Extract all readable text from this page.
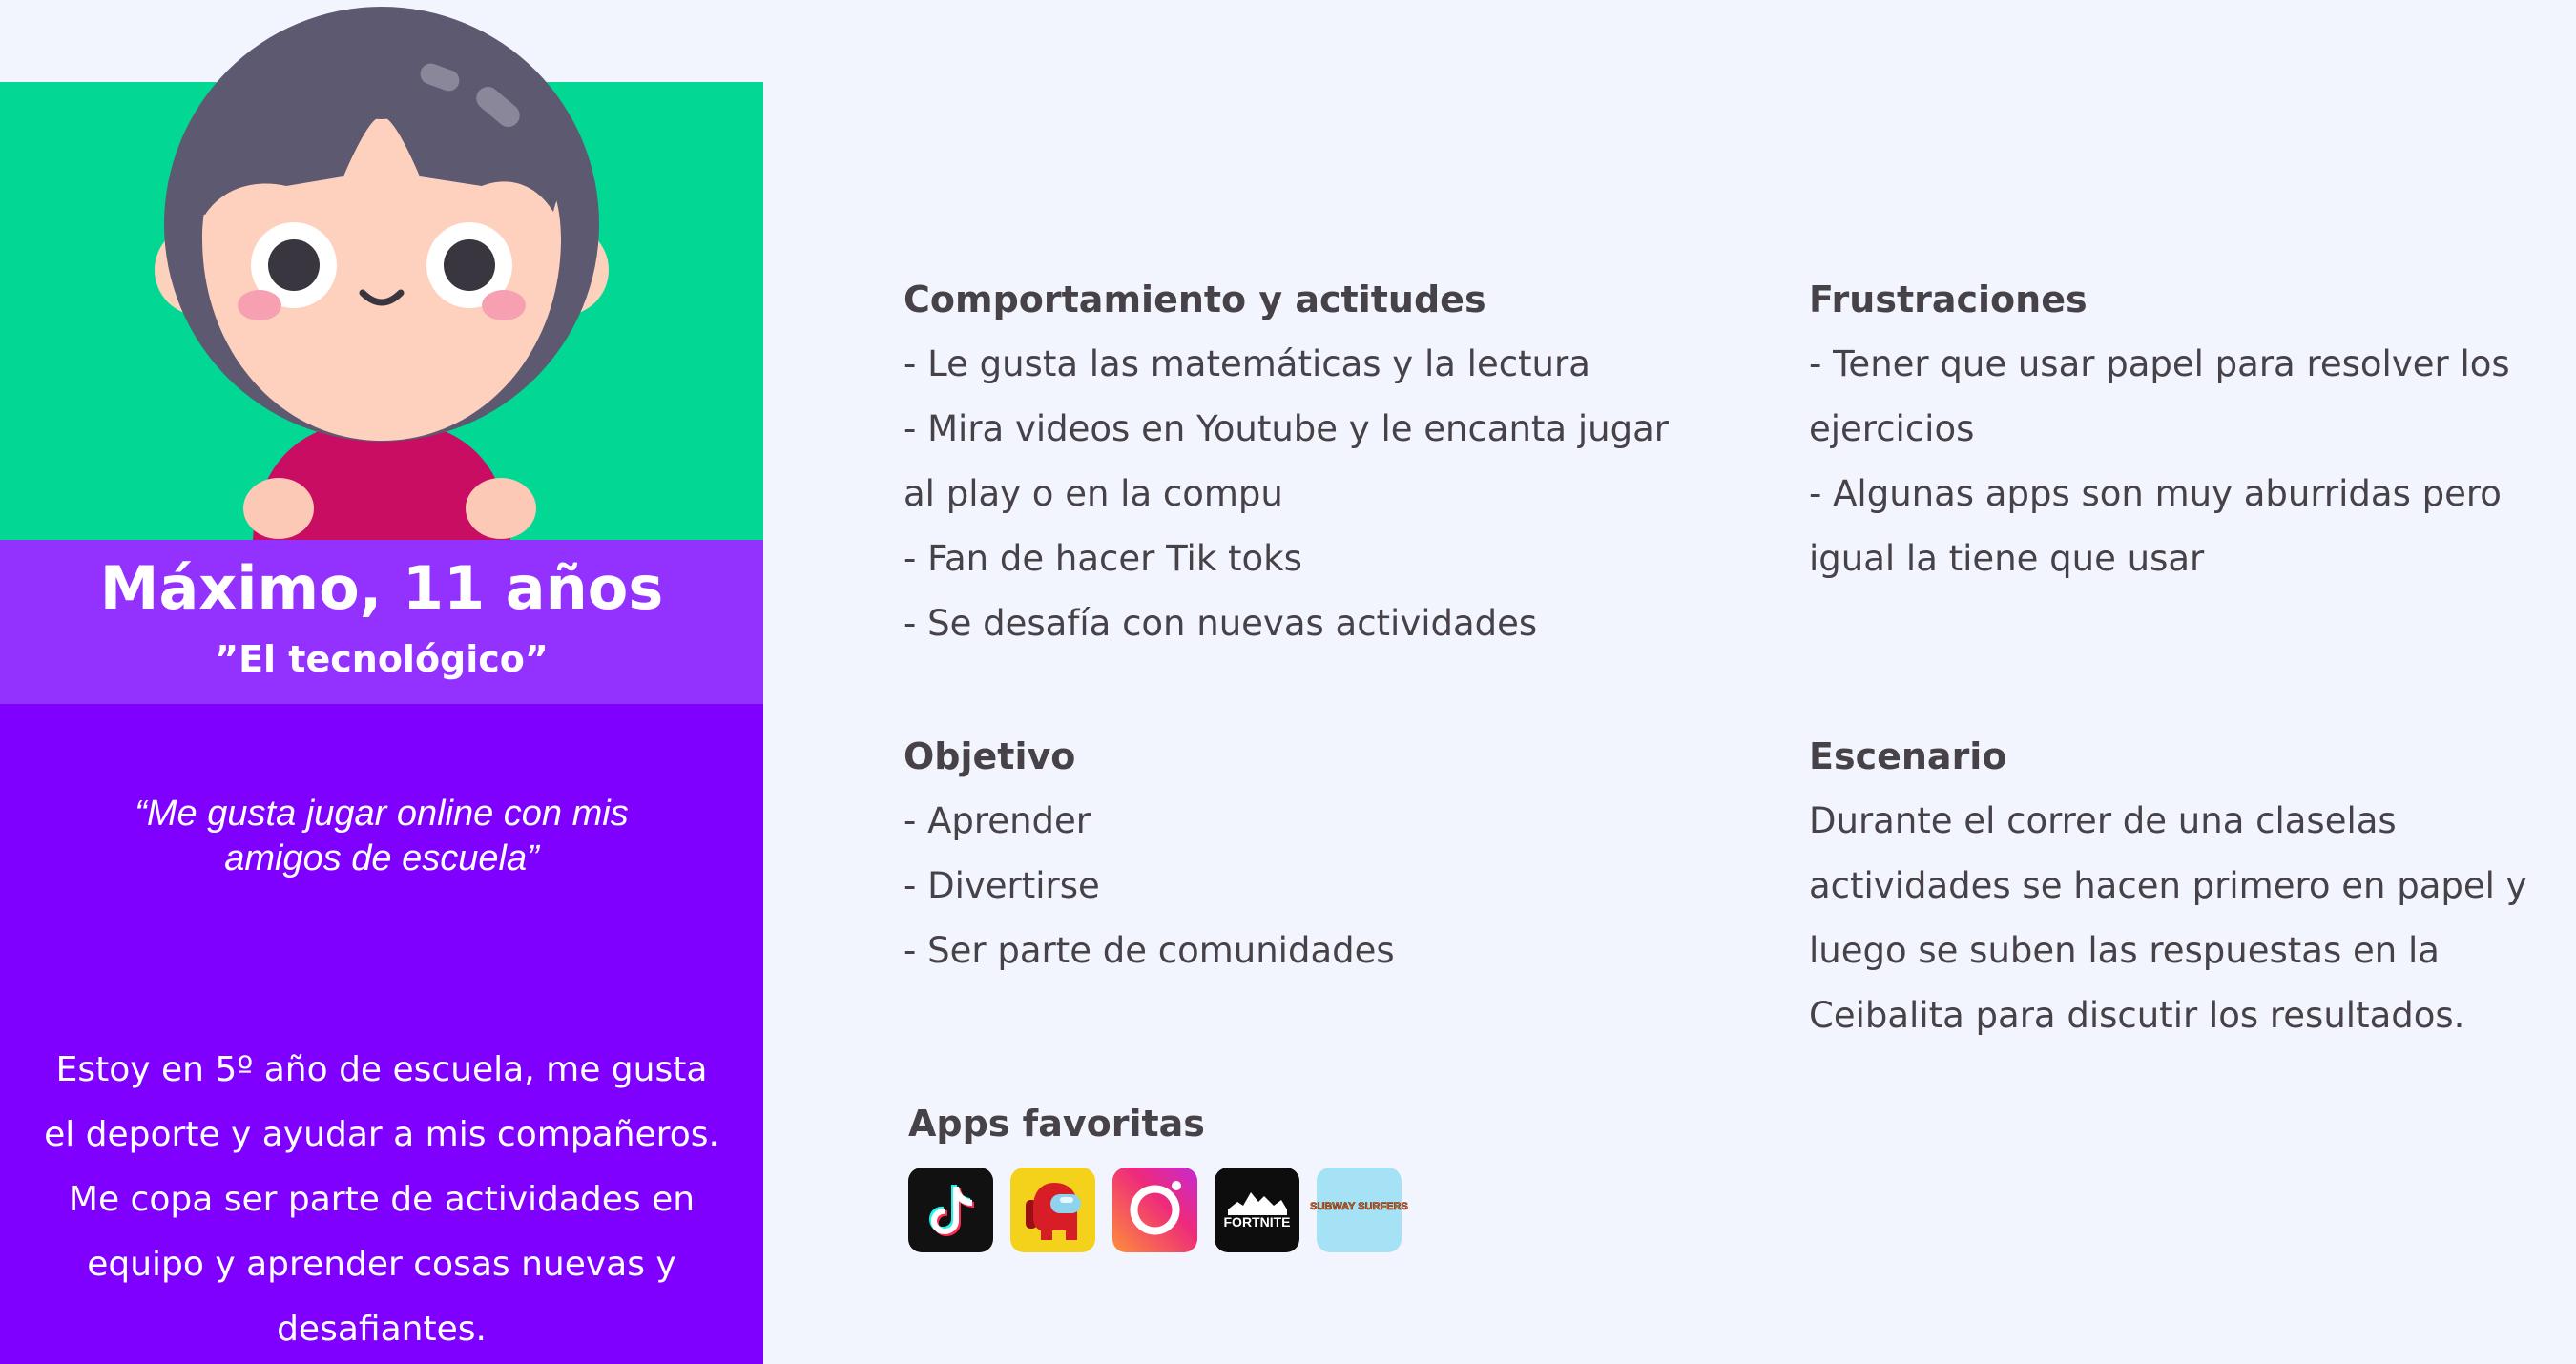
Máximo, 11 años
”El tecnológico”
“Me gusta jugar online con mis amigos de escuela”
Estoy en 5º año de escuela, me gusta el deporte y ayudar a mis compañeros. Me copa ser parte de actividades en equipo y aprender cosas nuevas y desafiantes.
Comportamiento y actitudes

- Le gusta las matemáticas y la lectura

- Mira videos en Youtube y le encanta jugar al play o en la compu

- Fan de hacer Tik toks

- Se desafía con nuevas actividades

Frustraciones

- Tener que usar papel para resolver los ejercicios

- Algunas apps son muy aburridas pero igual la tiene que usar

Objetivo

- Aprender

- Divertirse

- Ser parte de comunidades

Escenario

Durante el correr de una claselas actividades se hacen primero en papel y luego se suben las respuestas en la Ceibalita para discutir los resultados.

Apps favoritas
FORTNITE
SUBWAY SURFERS
